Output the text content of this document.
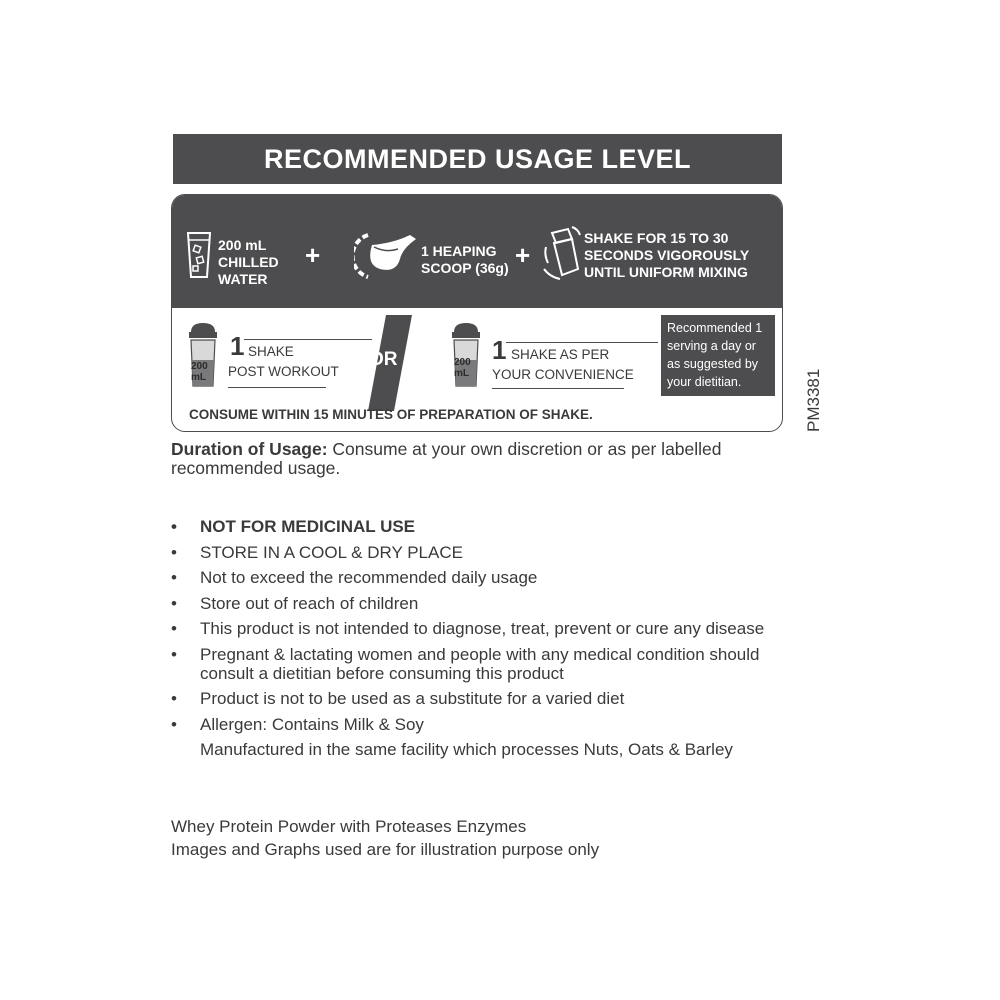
RECOMMENDED USAGE LEVEL
200 mL
CHILLED
WATER
+	1 HEAPING
SCOOP (36g) +
SHAKE FOR 15 TO 30
SECONDS VIGOROUSLY
UNTIL UNIFORM MIXING
200
mL
1 SHAKE
POST WORKOUT
OR	200
mL
1 SHAKE AS PER
YOUR CONVENIENCE
Recommended 1 serving a day or as suggested by your dietitian.
CONSUME WITHIN 15 MINUTES OF PREPARATION OF SHAKE.	PM3381
Duration of Usage: Consume at your own discretion or as per labelled recommended usage.
• NOT FOR MEDICINAL USE
• STORE IN A COOL & DRY PLACE
• Not to exceed the recommended daily usage
• Store out of reach of children
• This product is not intended to diagnose, treat, prevent or cure any disease
• Pregnant & lactating women and people with any medical condition should consult a dietitian before consuming this product
• Product is not to be used as a substitute for a varied diet
• Allergen: Contains Milk & Soy
Manufactured in the same facility which processes Nuts, Oats & Barley
Whey Protein Powder with Proteases Enzymes
Images and Graphs used are for illustration purpose only
